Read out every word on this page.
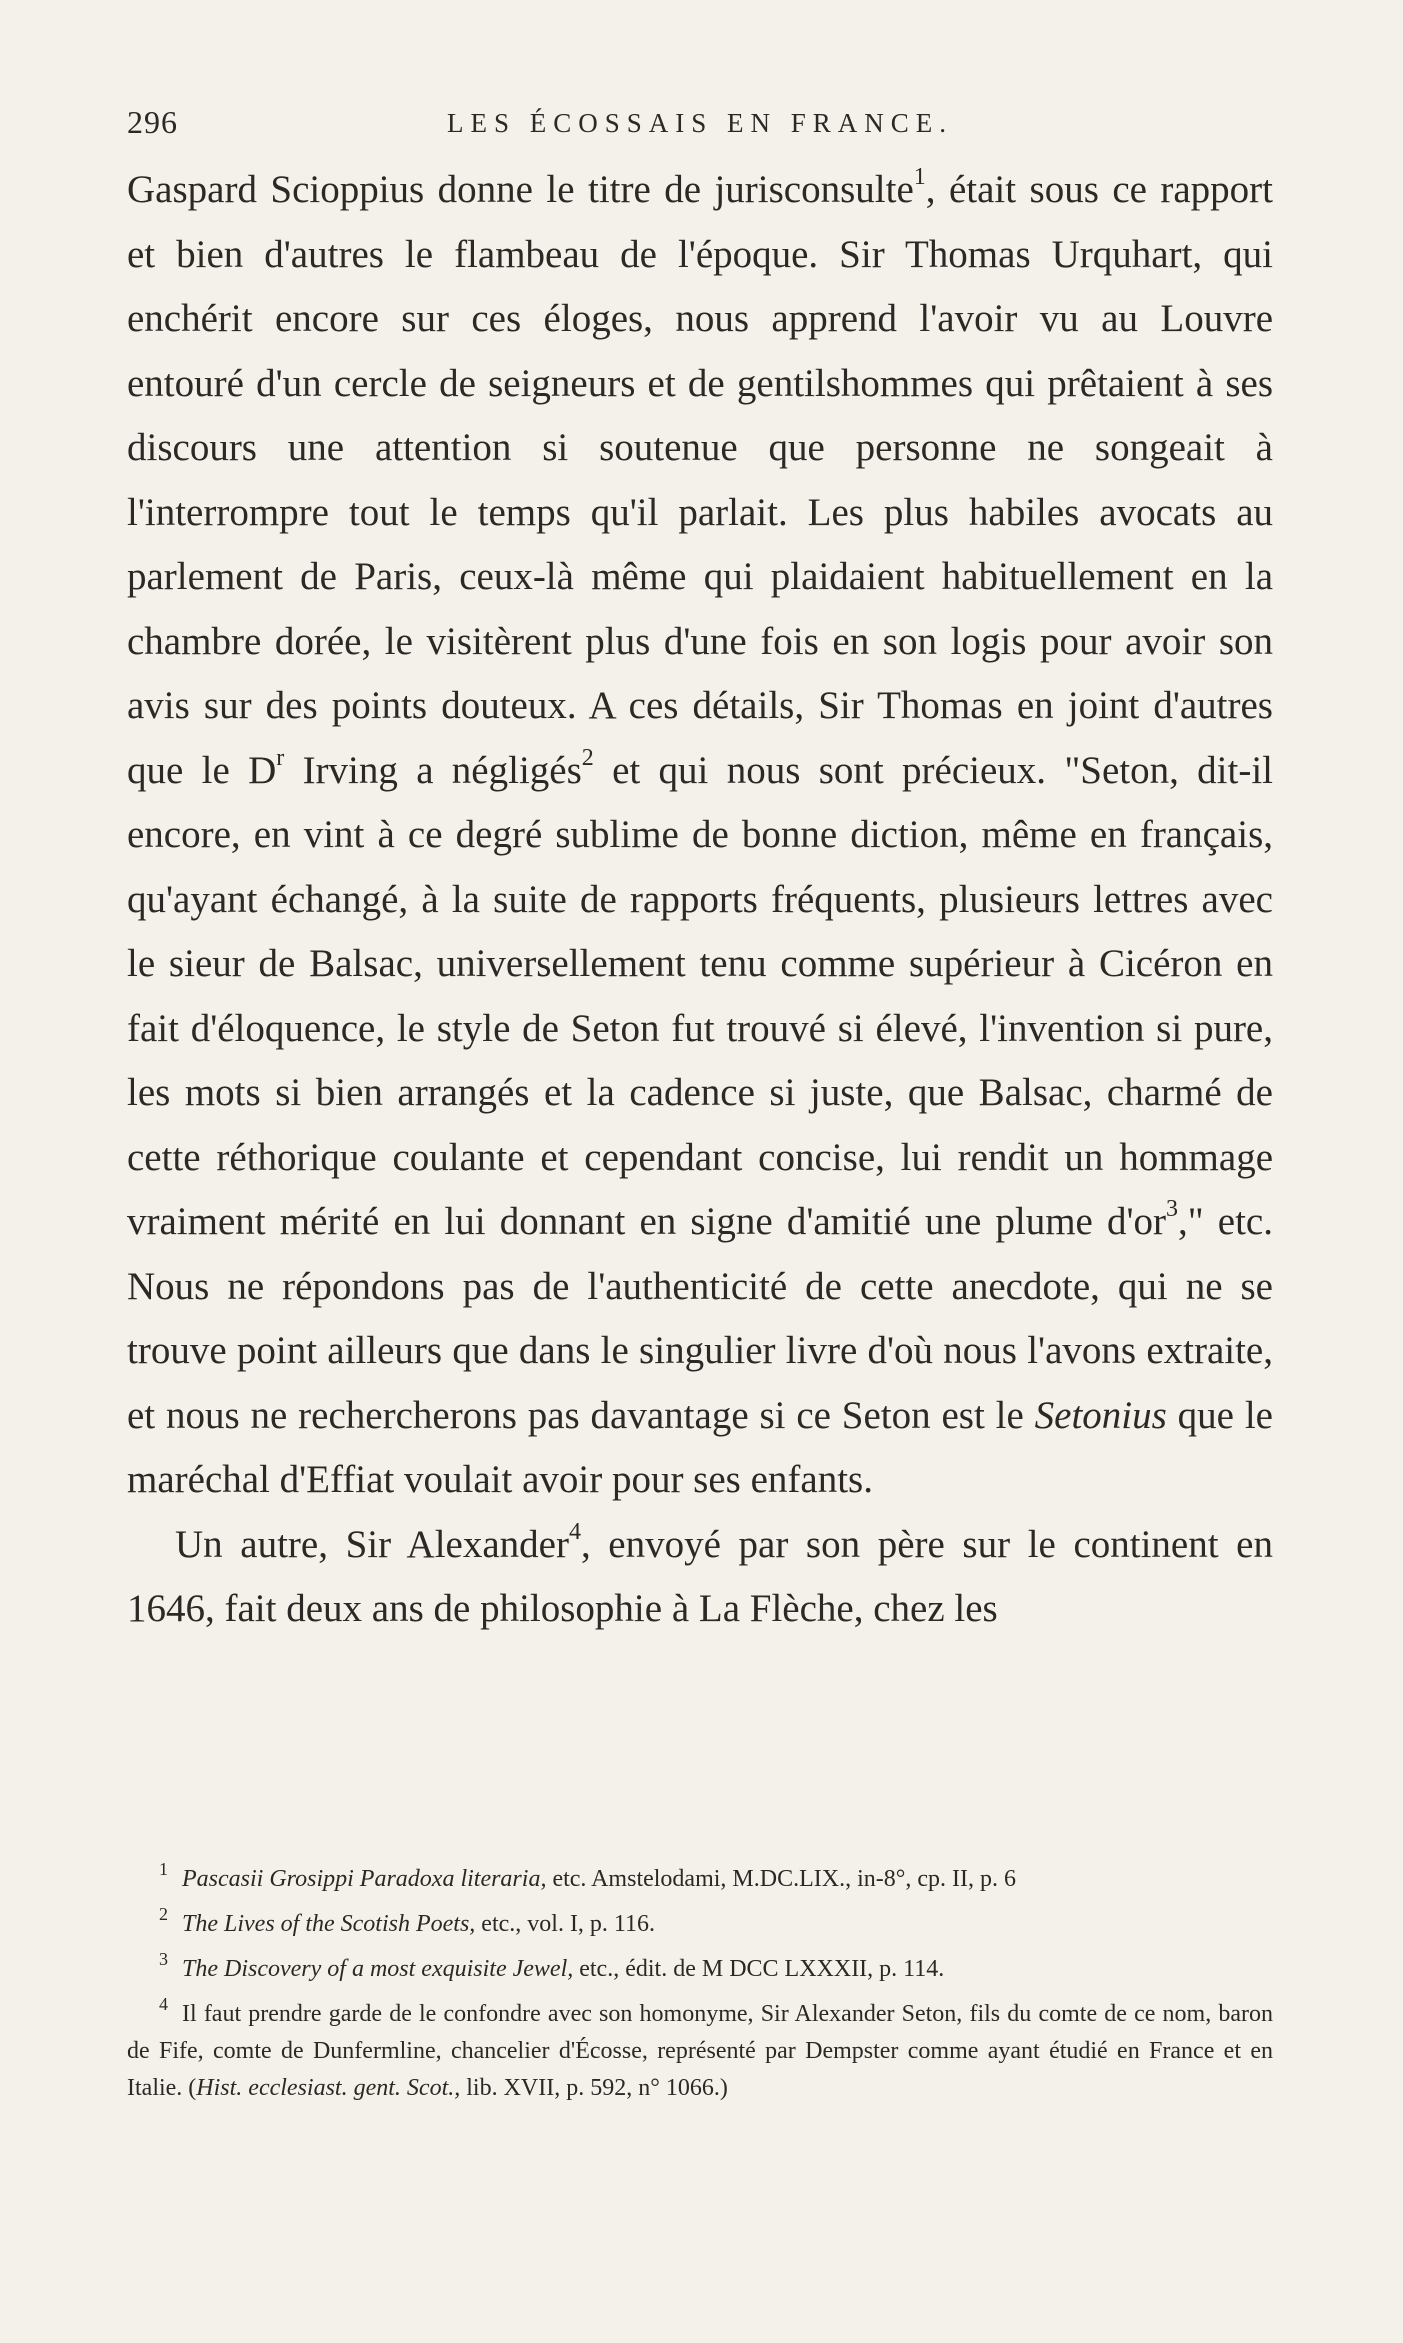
296	LES ÉCOSSAIS EN FRANCE.

Gaspard Scioppius donne le titre de jurisconsulte$^1$, était sous ce rapport et bien d'autres le flambeau de l'époque. Sir Thomas Urquhart, qui enchérit encore sur ces éloges, nous apprend l'avoir vu au Louvre entouré d'un cercle de seigneurs et de gentilshommes qui prêtaient à ses discours une attention si soutenue que personne ne songeait à l'interrompre tout le temps qu'il parlait. Les plus habiles avocats au parlement de Paris, ceux-là même qui plaidaient habituellement en la chambre dorée, le visitèrent plus d'une fois en son logis pour avoir son avis sur des points douteux. A ces détails, Sir Thomas en joint d'autres que le $D^r$ Irving a négligés$^2$ et qui nous sont précieux. "Seton, dit-il encore, en vint à ce degré sublime de bonne diction, même en français, qu'ayant échangé, à la suite de rapports fréquents, plusieurs lettres avec le sieur de Balsac, universellement tenu comme supérieur à Cicéron en fait d'éloquence, le style de Seton fut trouvé si élevé, l'invention si pure, les mots si bien arrangés et la cadence si juste, que Balsac, charmé de cette réthorique coulante et cependant concise, lui rendit un hommage vraiment mérité en lui donnant en signe d'amitié une plume $d'or^3$," etc. Nous ne répondons pas de l'authenticité de cette anecdote, qui ne se trouve point ailleurs que dans le singulier livre d'où nous l'avons extraite, et nous ne rechercherons pas davantage si ce Seton est le Setonius que le maréchal d'Effiat voulait avoir pour ses enfants.

Un autre, Sir Alexander$^4$, envoyé par son père sur le continent en 1646, fait deux ans de philosophie à La Flèche, chez les

$^1$ Pascasii Grosippi Paradoxa literaria, etc. Amstelodami, M.DC.LIX., in-8°, cp. II, p. 6

$^2$ The Lives of the Scotish Poets, etc., vol. I, p. 116.

$^3$ The Discovery of a most exquisite Jewel, etc., édit. de M DCC LXXXII, p. 114.

$^4$ Il faut prendre garde de le confondre avec son homonyme, Sir Alexander Seton, fils du comte de ce nom, baron de Fife, comte de Dunfermline, chancelier d'Écosse, représenté par Dempster comme ayant étudié en France et en Italie. (Hist. ecclesiast. gent. Scot., lib. XVII, p. 592, n° 1066.)
